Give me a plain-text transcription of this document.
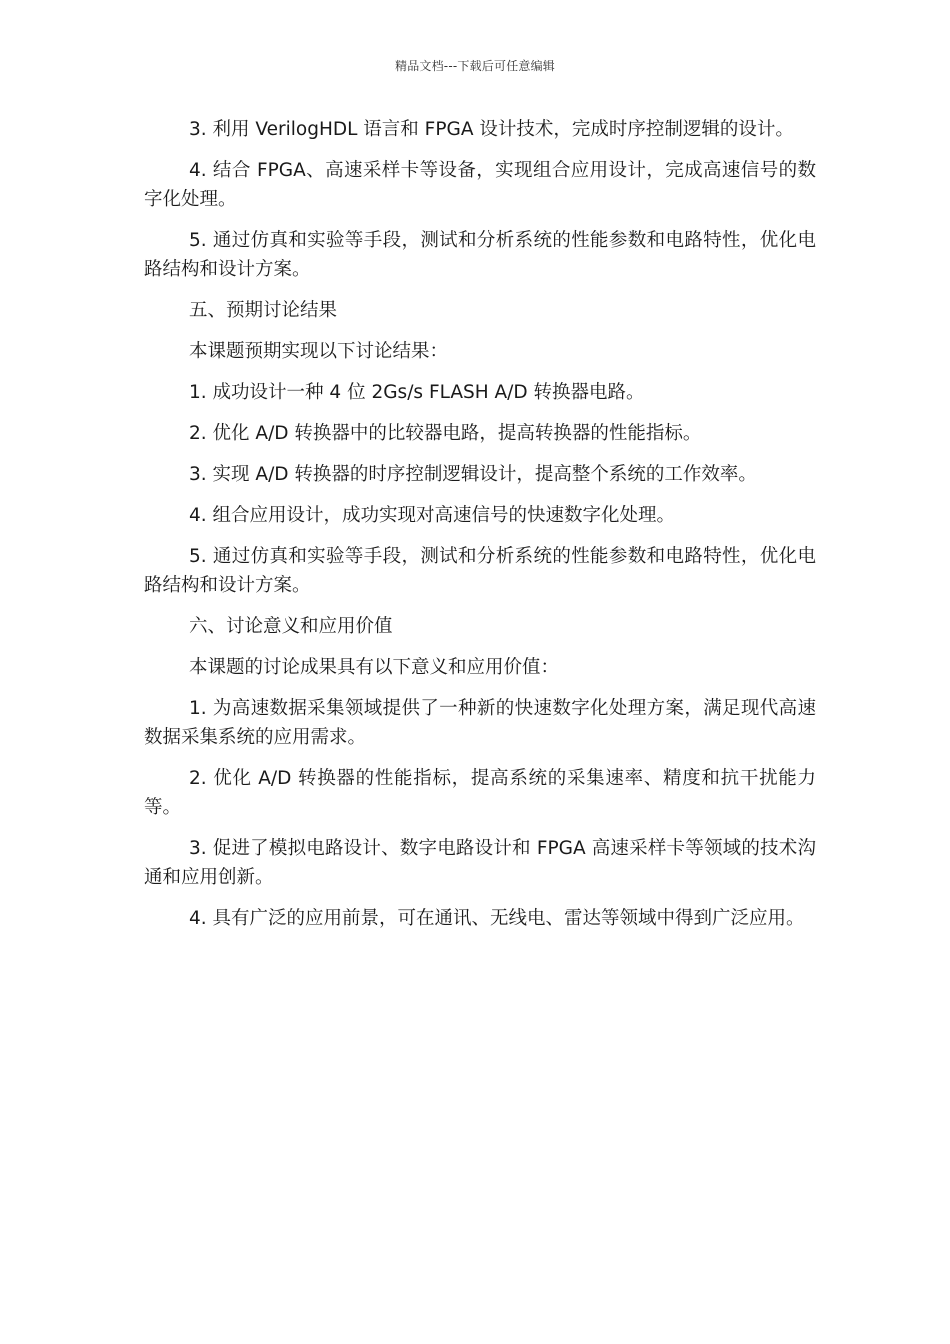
精品文档---下载后可任意编辑

3. 利用 VerilogHDL 语言和 FPGA 设计技术，完成时序控制逻辑的设计。

4. 结合 FPGA、高速采样卡等设备，实现组合应用设计，完成高速信号的数字化处理。

5. 通过仿真和实验等手段，测试和分析系统的性能参数和电路特性，优化电路结构和设计方案。

五、预期讨论结果

本课题预期实现以下讨论结果：

1. 成功设计一种 4 位 2Gs/s FLASH A/D 转换器电路。

2. 优化 A/D 转换器中的比较器电路，提高转换器的性能指标。

3. 实现 A/D 转换器的时序控制逻辑设计，提高整个系统的工作效率。

4. 组合应用设计，成功实现对高速信号的快速数字化处理。

5. 通过仿真和实验等手段，测试和分析系统的性能参数和电路特性，优化电路结构和设计方案。

六、讨论意义和应用价值

本课题的讨论成果具有以下意义和应用价值：

1. 为高速数据采集领域提供了一种新的快速数字化处理方案，满足现代高速数据采集系统的应用需求。

2. 优化 A/D 转换器的性能指标，提高系统的采集速率、精度和抗干扰能力等。

3. 促进了模拟电路设计、数字电路设计和 FPGA 高速采样卡等领域的技术沟通和应用创新。

4. 具有广泛的应用前景，可在通讯、无线电、雷达等领域中得到广泛应用。
